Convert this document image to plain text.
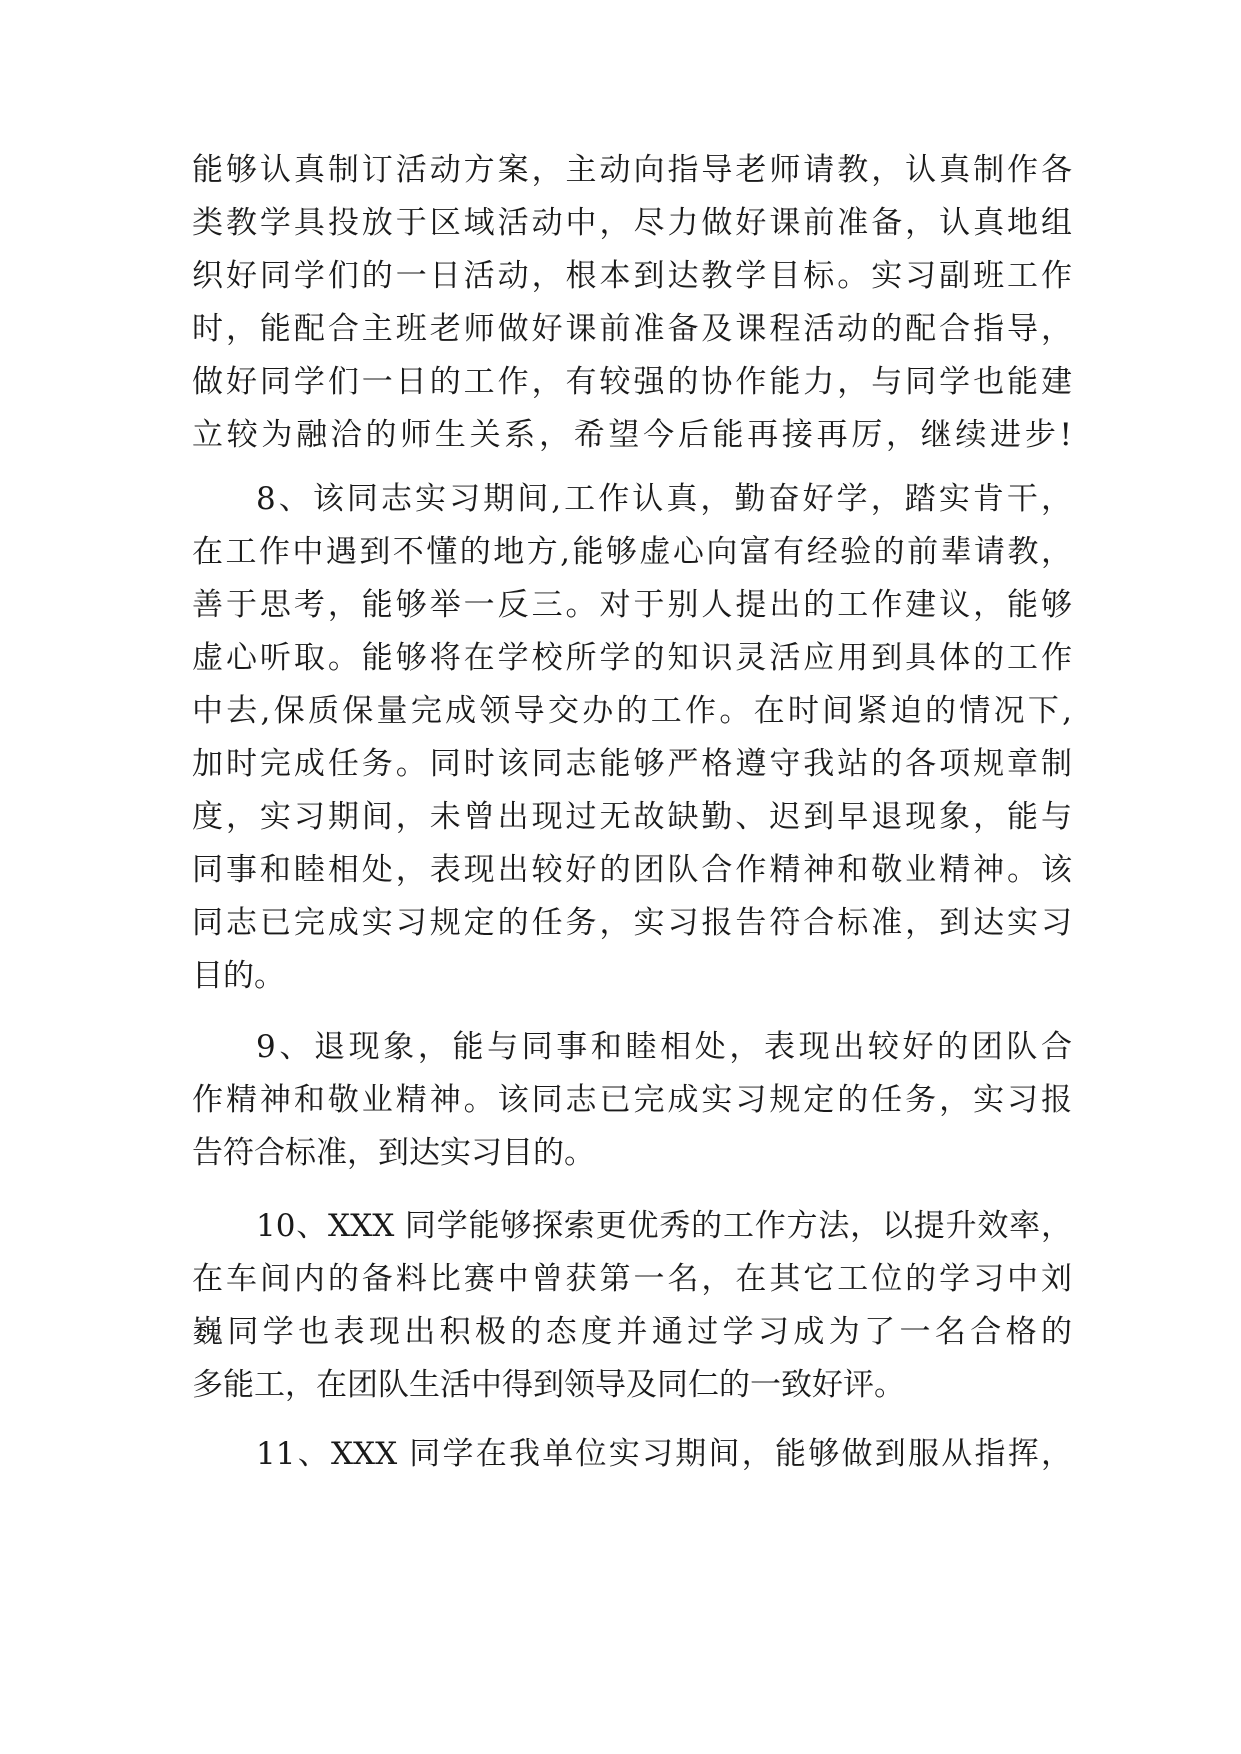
能够认真制订活动方案，主动向指导老师请教，认真制作各
类教学具投放于区域活动中，尽力做好课前准备，认真地组
织好同学们的一日活动，根本到达教学目标。实习副班工作
时，能配合主班老师做好课前准备及课程活动的配合指导，
做好同学们一日的工作，有较强的协作能力，与同学也能建
立较为融洽的师生关系，希望今后能再接再厉，继续进步!
8、该同志实习期间,工作认真，勤奋好学，踏实肯干，
在工作中遇到不懂的地方,能够虚心向富有经验的前辈请教，
善于思考，能够举一反三。对于别人提出的工作建议，能够
虚心听取。能够将在学校所学的知识灵活应用到具体的工作
中去,保质保量完成领导交办的工作。在时间紧迫的情况下,
加时完成任务。同时该同志能够严格遵守我站的各项规章制
度，实习期间，未曾出现过无故缺勤、迟到早退现象，能与
同事和睦相处，表现出较好的团队合作精神和敬业精神。该
同志已完成实习规定的任务，实习报告符合标准，到达实习
目的。
9、退现象，能与同事和睦相处，表现出较好的团队合
作精神和敬业精神。该同志已完成实习规定的任务，实习报
告符合标准，到达实习目的。
10、XXX 同学能够探索更优秀的工作方法，以提升效率，
在车间内的备料比赛中曾获第一名，在其它工位的学习中刘
巍同学也表现出积极的态度并通过学习成为了一名合格的
多能工，在团队生活中得到领导及同仁的一致好评。
11、XXX 同学在我单位实习期间，能够做到服从指挥，
